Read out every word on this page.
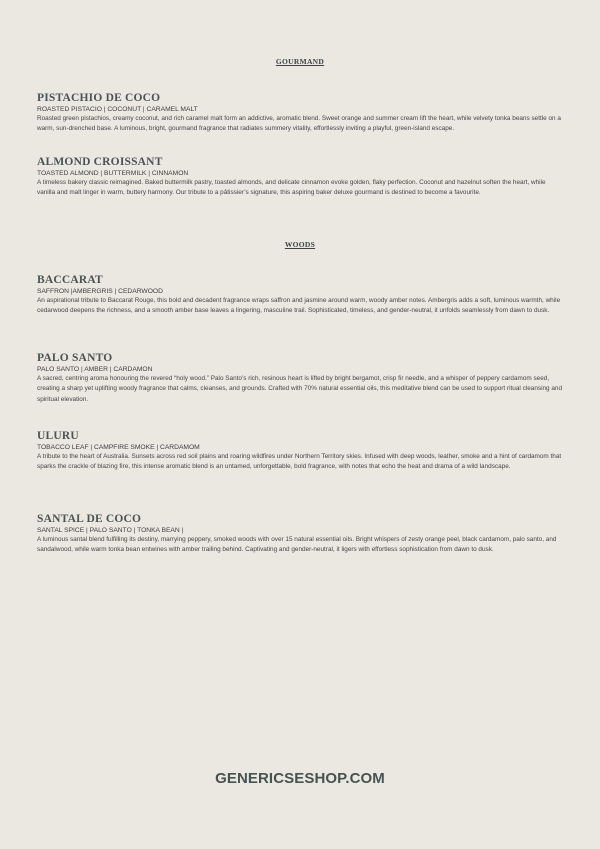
GOURMAND
PISTACHIO DE COCO
ROASTED PISTACIO | COCONUT | CARAMEL MALT
Roasted green pistachios, creamy coconut, and rich caramel malt form an addictive, aromatic blend. Sweet orange and summer cream lift the heart, while velvety tonka beans settle on a warm, sun-drenched base. A luminous, bright, gourmand fragrance that radiates summery vitality, effortlessly inviting a playful, green-island escape.
ALMOND CROISSANT
TOASTED ALMOND | BUTTERMILK | CINNAMON
A timeless bakery classic reimagined. Baked buttermilk pastry, toasted almonds, and delicate cinnamon evoke golden, flaky perfection. Coconut and hazelnut soften the heart, while vanilla and malt linger in warm, buttery harmony. Our tribute to a pâtissier’s signature, this aspiring baker deluxe gourmand is destined to become a favourite.
WOODS
BACCARAT
SAFFRON |AMBERGRIS | CEDARWOOD
An aspirational tribute to Baccarat Rouge, this bold and decadent fragrance wraps saffron and jasmine around warm, woody amber notes. Ambergris adds a soft, luminous warmth, while cedarwood deepens the richness, and a smooth amber base leaves a lingering, masculine trail. Sophisticated, timeless, and gender-neutral, it unfolds seamlessly from dawn to dusk.
PALO SANTO
PALO SANTO | AMBER | CARDAMON
A sacred, centring aroma honouring the revered “holy wood.” Palo Santo’s rich, resinous heart is lifted by bright bergamot, crisp fir needle, and a whisper of peppery cardamom seed, creating a sharp yet uplifting woody fragrance that calms, cleanses, and grounds. Crafted with 70% natural essential oils, this meditative blend can be used to support ritual cleansing and spiritual elevation.
ULURU
TOBACCO LEAF | CAMPFIRE SMOKE | CARDAMOM
A tribute to the heart of Australia. Sunsets across red soil plains and roaring wildfires under Northern Territory skies. Infused with deep woods, leather, smoke and a hint of cardamom that sparks the crackle of blazing fire, this intense aromatic blend is an untamed, unforgettable, bold fragrance, with notes that echo the heat and drama of a wild landscape.
SANTAL DE COCO
SANTAL SPICE | PALO SANTO | TONKA BEAN |
A luminous santal blend fulfilling its destiny, marrying peppery, smoked woods with over 15 natural essential oils. Bright whispers of zesty orange peel, black cardamom, palo santo, and sandalwood, while warm tonka bean entwines with amber trailing behind. Captivating and gender-neutral, it ligers with effortless sophistication from dawn to dusk.
GENERICSESHOP.COM
